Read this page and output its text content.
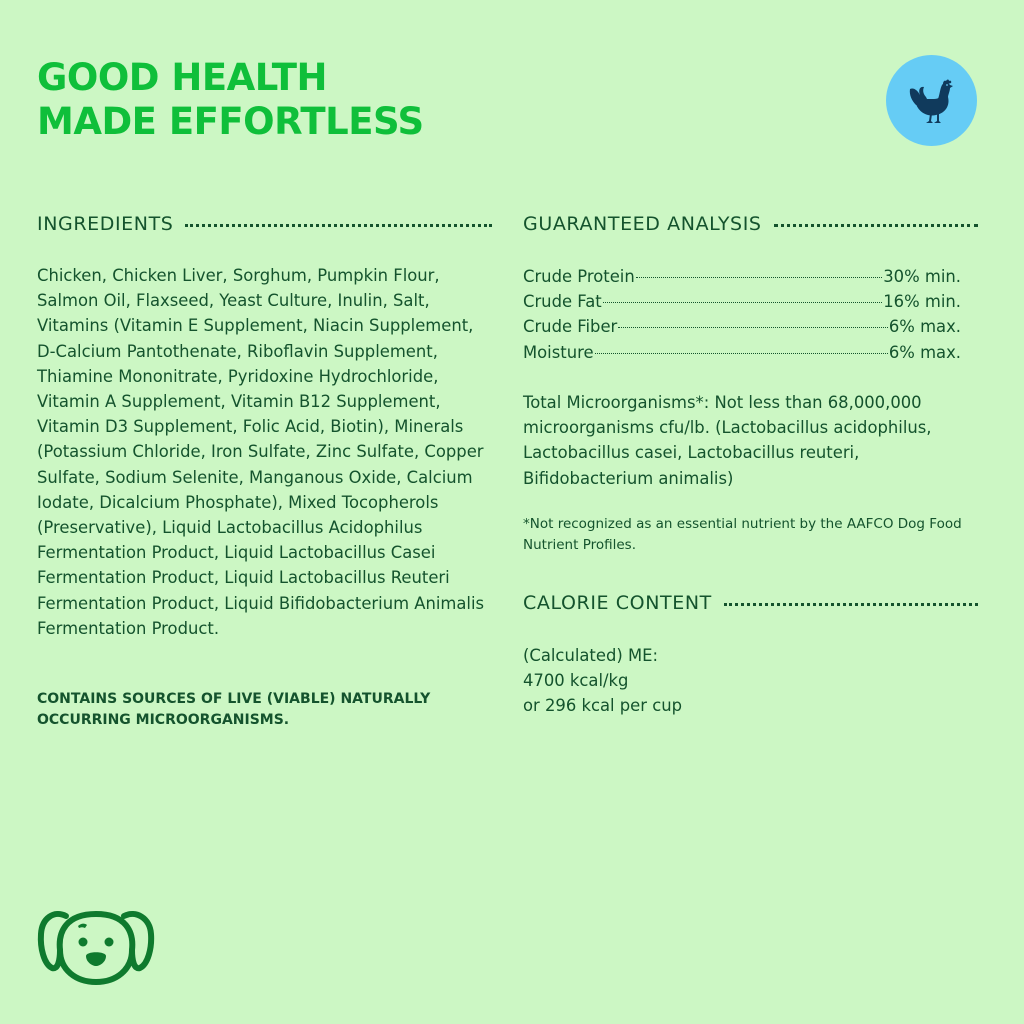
GOOD HEALTH
MADE EFFORTLESS
INGREDIENTS

Chicken, Chicken Liver, Sorghum, Pumpkin Flour, Salmon Oil, Flaxseed, Yeast Culture, Inulin, Salt, Vitamins (Vitamin E Supplement, Niacin Supplement, D-Calcium Pantothenate, Riboflavin Supplement, Thiamine Mononitrate, Pyridoxine Hydrochloride, Vitamin A Supplement, Vitamin B12 Supplement, Vitamin D3 Supplement, Folic Acid, Biotin), Minerals (Potassium Chloride, Iron Sulfate, Zinc Sulfate, Copper Sulfate, Sodium Selenite, Manganous Oxide, Calcium Iodate, Dicalcium Phosphate), Mixed Tocopherols (Preservative), Liquid Lactobacillus Acidophilus Fermentation Product, Liquid Lactobacillus Casei Fermentation Product, Liquid Lactobacillus Reuteri Fermentation Product, Liquid Bifidobacterium Animalis Fermentation Product.

CONTAINS SOURCES OF LIVE (VIABLE) NATURALLY OCCURRING MICROORGANISMS.

GUARANTEED ANALYSIS
Crude Protein	30% min.
Crude Fat	16% min.
Crude Fiber	6% max.
Moisture	6% max.

Total Microorganisms*: Not less than 68,000,000 microorganisms cfu/lb. (Lactobacillus acidophilus, Lactobacillus casei, Lactobacillus reuteri, Bifidobacterium animalis)

*Not recognized as an essential nutrient by the AAFCO Dog Food Nutrient Profiles.

CALORIE CONTENT

(Calculated) ME:
4700 kcal/kg
or 296 kcal per cup
